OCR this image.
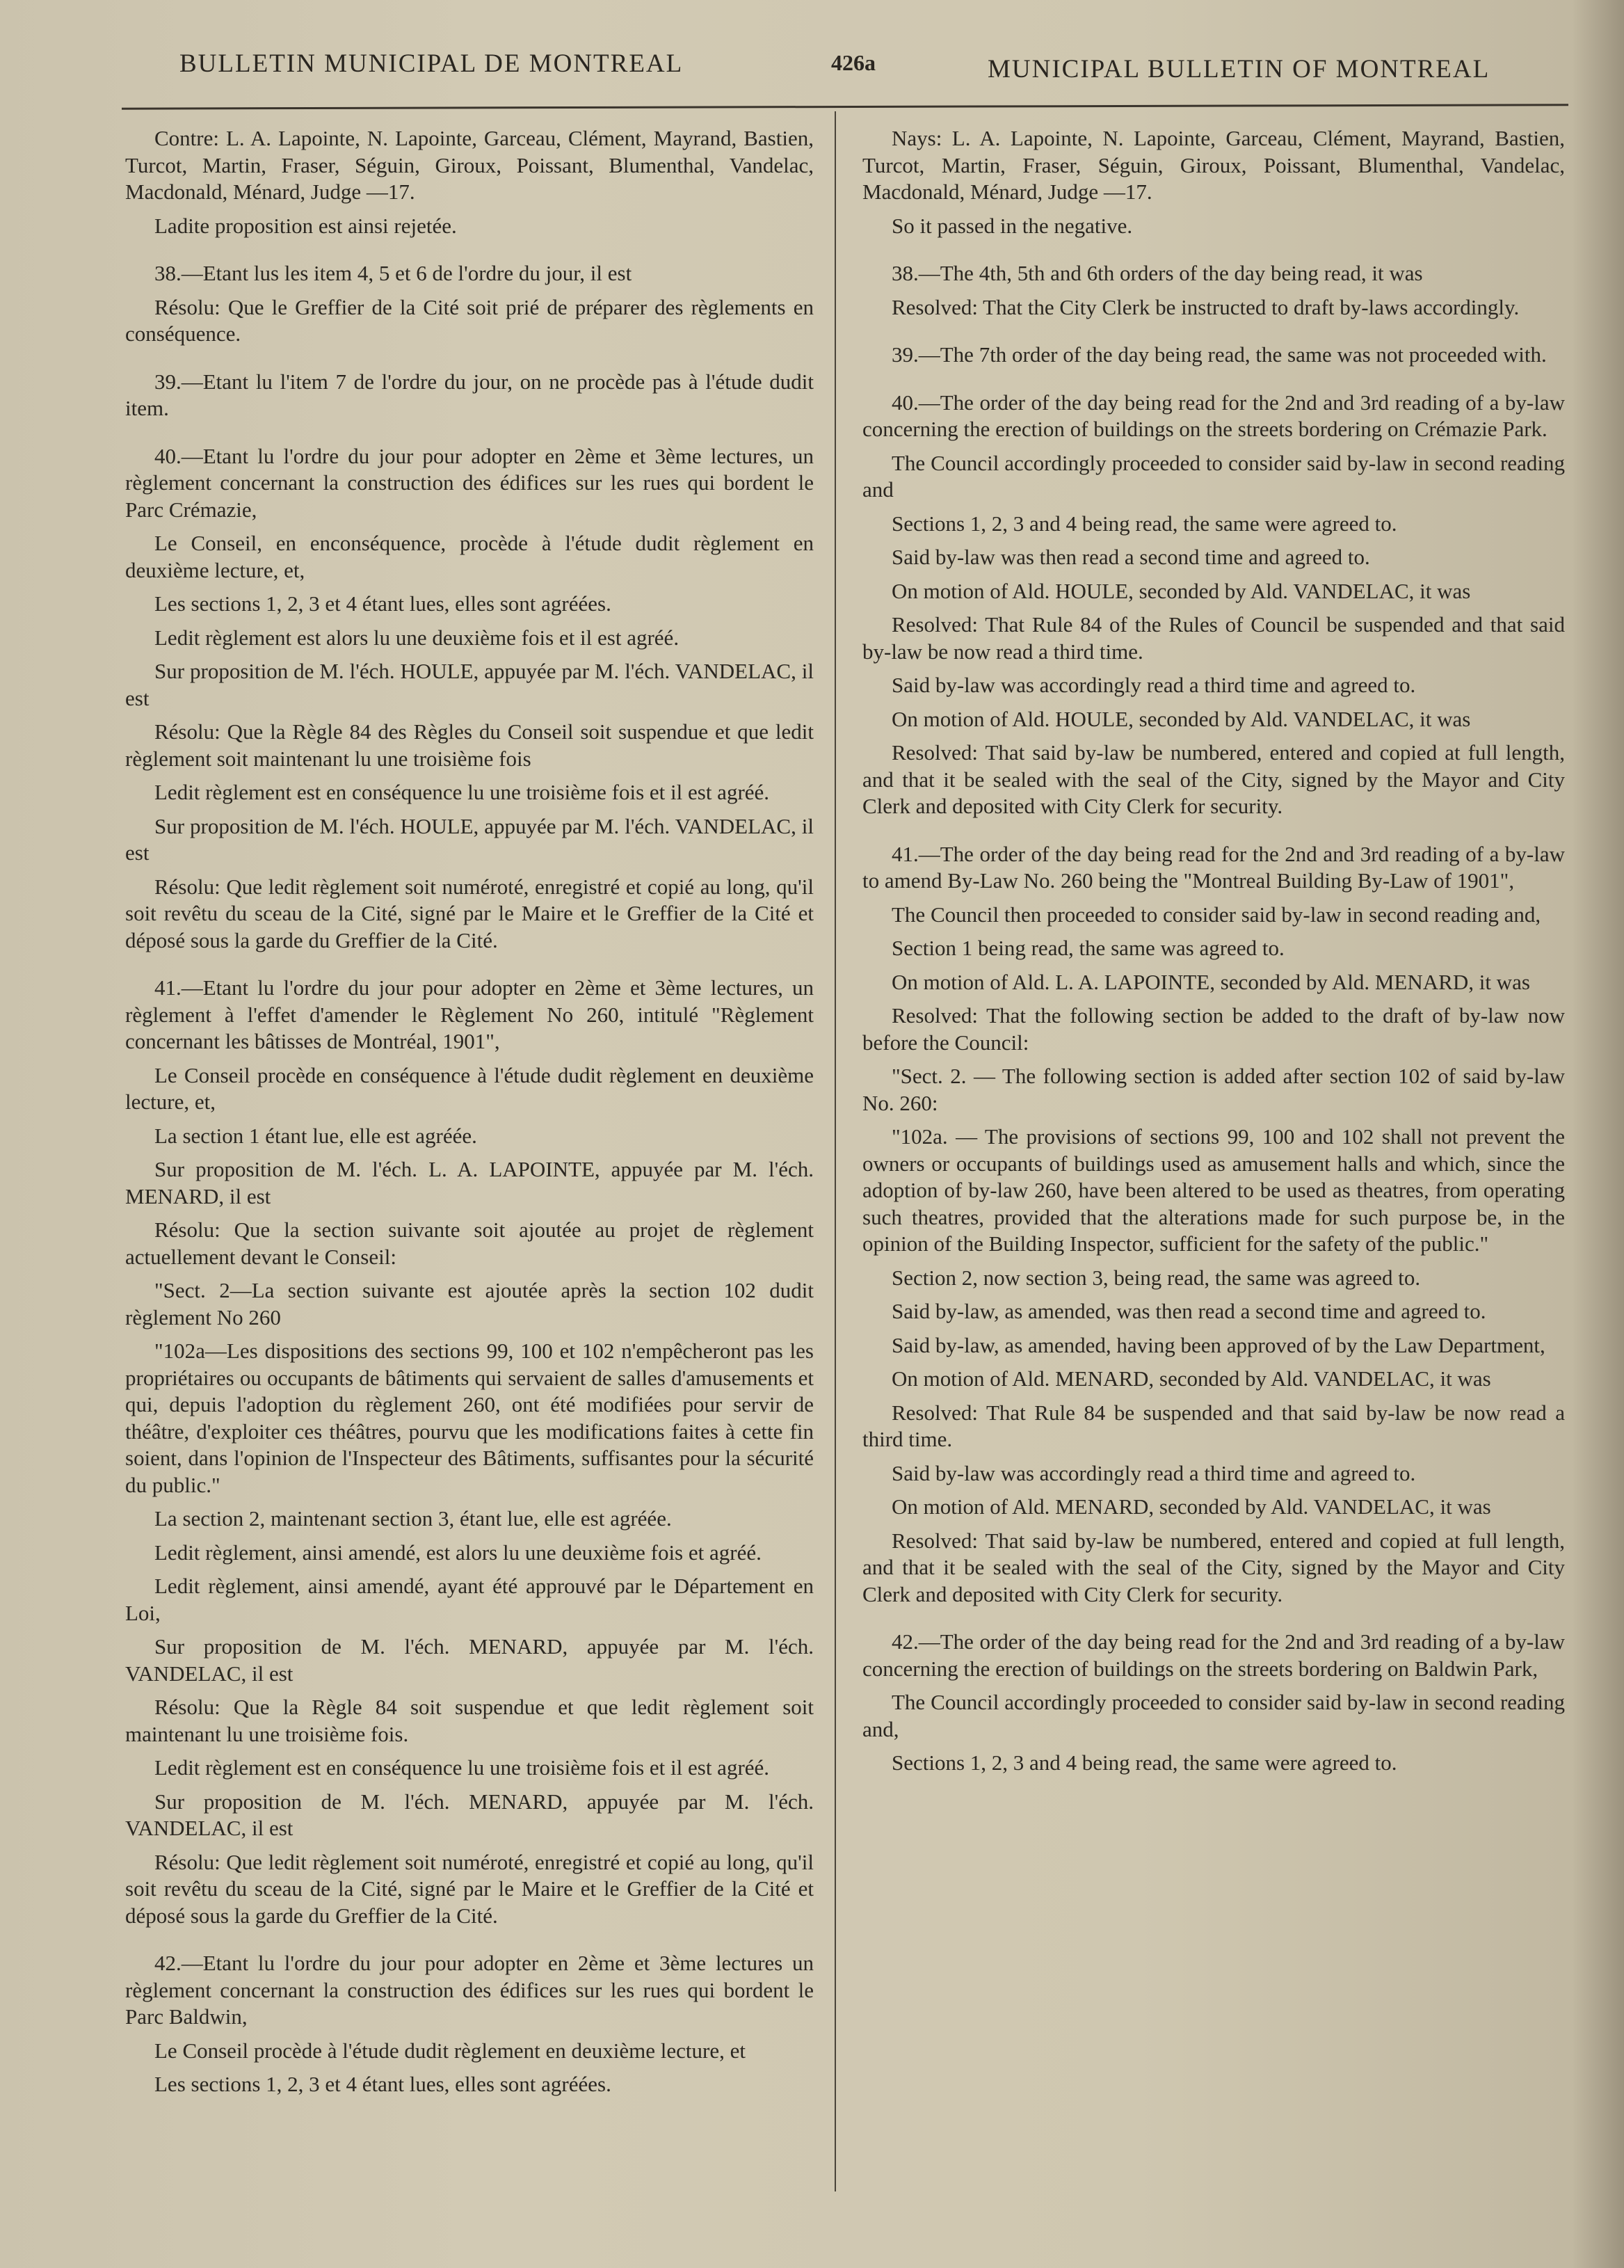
BULLETIN MUNICIPAL DE MONTREAL	426a	MUNICIPAL BULLETIN OF MONTREAL

Contre: L. A. Lapointe, N. Lapointe, Garceau, Clément, Mayrand, Bastien, Turcot, Martin, Fraser, Séguin, Giroux, Poissant, Blumenthal, Vandelac, Macdonald, Ménard, Judge —17.

Ladite proposition est ainsi rejetée.

38.—Etant lus les item 4, 5 et 6 de l'ordre du jour, il est

Résolu: Que le Greffier de la Cité soit prié de préparer des règlements en conséquence.

39.—Etant lu l'item 7 de l'ordre du jour, on ne procède pas à l'étude dudit item.

40.—Etant lu l'ordre du jour pour adopter en 2ème et 3ème lectures, un règlement concernant la construction des édifices sur les rues qui bordent le Parc Crémazie,

Le Conseil, en enconséquence, procède à l'étude dudit règlement en deuxième lecture, et,

Les sections 1, 2, 3 et 4 étant lues, elles sont agréées.

Ledit règlement est alors lu une deuxième fois et il est agréé.

Sur proposition de M. l'éch. HOULE, appuyée par M. l'éch. VANDELAC, il est

Résolu: Que la Règle 84 des Règles du Conseil soit suspendue et que ledit règlement soit maintenant lu une troisième fois

Ledit règlement est en conséquence lu une troisième fois et il est agréé.

Sur proposition de M. l'éch. HOULE, appuyée par M. l'éch. VANDELAC, il est

Résolu: Que ledit règlement soit numéroté, enregistré et copié au long, qu'il soit revêtu du sceau de la Cité, signé par le Maire et le Greffier de la Cité et déposé sous la garde du Greffier de la Cité.

41.—Etant lu l'ordre du jour pour adopter en 2ème et 3ème lectures, un règlement à l'effet d'amender le Règlement No 260, intitulé "Règlement concernant les bâtisses de Montréal, 1901",

Le Conseil procède en conséquence à l'étude dudit règlement en deuxième lecture, et,

La section 1 étant lue, elle est agréée.

Sur proposition de M. l'éch. L. A. LAPOINTE, appuyée par M. l'éch. MENARD, il est

Résolu: Que la section suivante soit ajoutée au projet de règlement actuellement devant le Conseil:

"Sect. 2—La section suivante est ajoutée après la section 102 dudit règlement No 260

"102a—Les dispositions des sections 99, 100 et 102 n'empêcheront pas les propriétaires ou occupants de bâtiments qui servaient de salles d'amusements et qui, depuis l'adoption du règlement 260, ont été modifiées pour servir de théâtre, d'exploiter ces théâtres, pourvu que les modifications faites à cette fin soient, dans l'opinion de l'Inspecteur des Bâtiments, suffisantes pour la sécurité du public."

La section 2, maintenant section 3, étant lue, elle est agréée.

Ledit règlement, ainsi amendé, est alors lu une deuxième fois et agréé.

Ledit règlement, ainsi amendé, ayant été approuvé par le Département en Loi,

Sur proposition de M. l'éch. MENARD, appuyée par M. l'éch. VANDELAC, il est

Résolu: Que la Règle 84 soit suspendue et que ledit règlement soit maintenant lu une troisième fois.

Ledit règlement est en conséquence lu une troisième fois et il est agréé.

Sur proposition de M. l'éch. MENARD, appuyée par M. l'éch. VANDELAC, il est

Résolu: Que ledit règlement soit numéroté, enregistré et copié au long, qu'il soit revêtu du sceau de la Cité, signé par le Maire et le Greffier de la Cité et déposé sous la garde du Greffier de la Cité.

42.—Etant lu l'ordre du jour pour adopter en 2ème et 3ème lectures un règlement concernant la construction des édifices sur les rues qui bordent le Parc Baldwin,

Le Conseil procède à l'étude dudit règlement en deuxième lecture, et

Les sections 1, 2, 3 et 4 étant lues, elles sont agréées.

Nays: L. A. Lapointe, N. Lapointe, Garceau, Clément, Mayrand, Bastien, Turcot, Martin, Fraser, Séguin, Giroux, Poissant, Blumenthal, Vandelac, Macdonald, Ménard, Judge —17.

So it passed in the negative.

38.—The 4th, 5th and 6th orders of the day being read, it was

Resolved: That the City Clerk be instructed to draft by-laws accordingly.

39.—The 7th order of the day being read, the same was not proceeded with.

40.—The order of the day being read for the 2nd and 3rd reading of a by-law concerning the erection of buildings on the streets bordering on Crémazie Park.

The Council accordingly proceeded to consider said by-law in second reading and

Sections 1, 2, 3 and 4 being read, the same were agreed to.

Said by-law was then read a second time and agreed to.

On motion of Ald. HOULE, seconded by Ald. VANDELAC, it was

Resolved: That Rule 84 of the Rules of Council be suspended and that said by-law be now read a third time.

Said by-law was accordingly read a third time and agreed to.

On motion of Ald. HOULE, seconded by Ald. VANDELAC, it was

Resolved: That said by-law be numbered, entered and copied at full length, and that it be sealed with the seal of the City, signed by the Mayor and City Clerk and deposited with City Clerk for security.

41.—The order of the day being read for the 2nd and 3rd reading of a by-law to amend By-Law No. 260 being the "Montreal Building By-Law of 1901",

The Council then proceeded to consider said by-law in second reading and,

Section 1 being read, the same was agreed to.

On motion of Ald. L. A. LAPOINTE, seconded by Ald. MENARD, it was

Resolved: That the following section be added to the draft of by-law now before the Council:

"Sect. 2. — The following section is added after section 102 of said by-law No. 260:

"102a. — The provisions of sections 99, 100 and 102 shall not prevent the owners or occupants of buildings used as amusement halls and which, since the adoption of by-law 260, have been altered to be used as theatres, from operating such theatres, provided that the alterations made for such purpose be, in the opinion of the Building Inspector, sufficient for the safety of the public."

Section 2, now section 3, being read, the same was agreed to.

Said by-law, as amended, was then read a second time and agreed to.

Said by-law, as amended, having been approved of by the Law Department,

On motion of Ald. MENARD, seconded by Ald. VANDELAC, it was

Resolved: That Rule 84 be suspended and that said by-law be now read a third time.

Said by-law was accordingly read a third time and agreed to.

On motion of Ald. MENARD, seconded by Ald. VANDELAC, it was

Resolved: That said by-law be numbered, entered and copied at full length, and that it be sealed with the seal of the City, signed by the Mayor and City Clerk and deposited with City Clerk for security.

42.—The order of the day being read for the 2nd and 3rd reading of a by-law concerning the erection of buildings on the streets bordering on Baldwin Park,

The Council accordingly proceeded to consider said by-law in second reading and,

Sections 1, 2, 3 and 4 being read, the same were agreed to.
